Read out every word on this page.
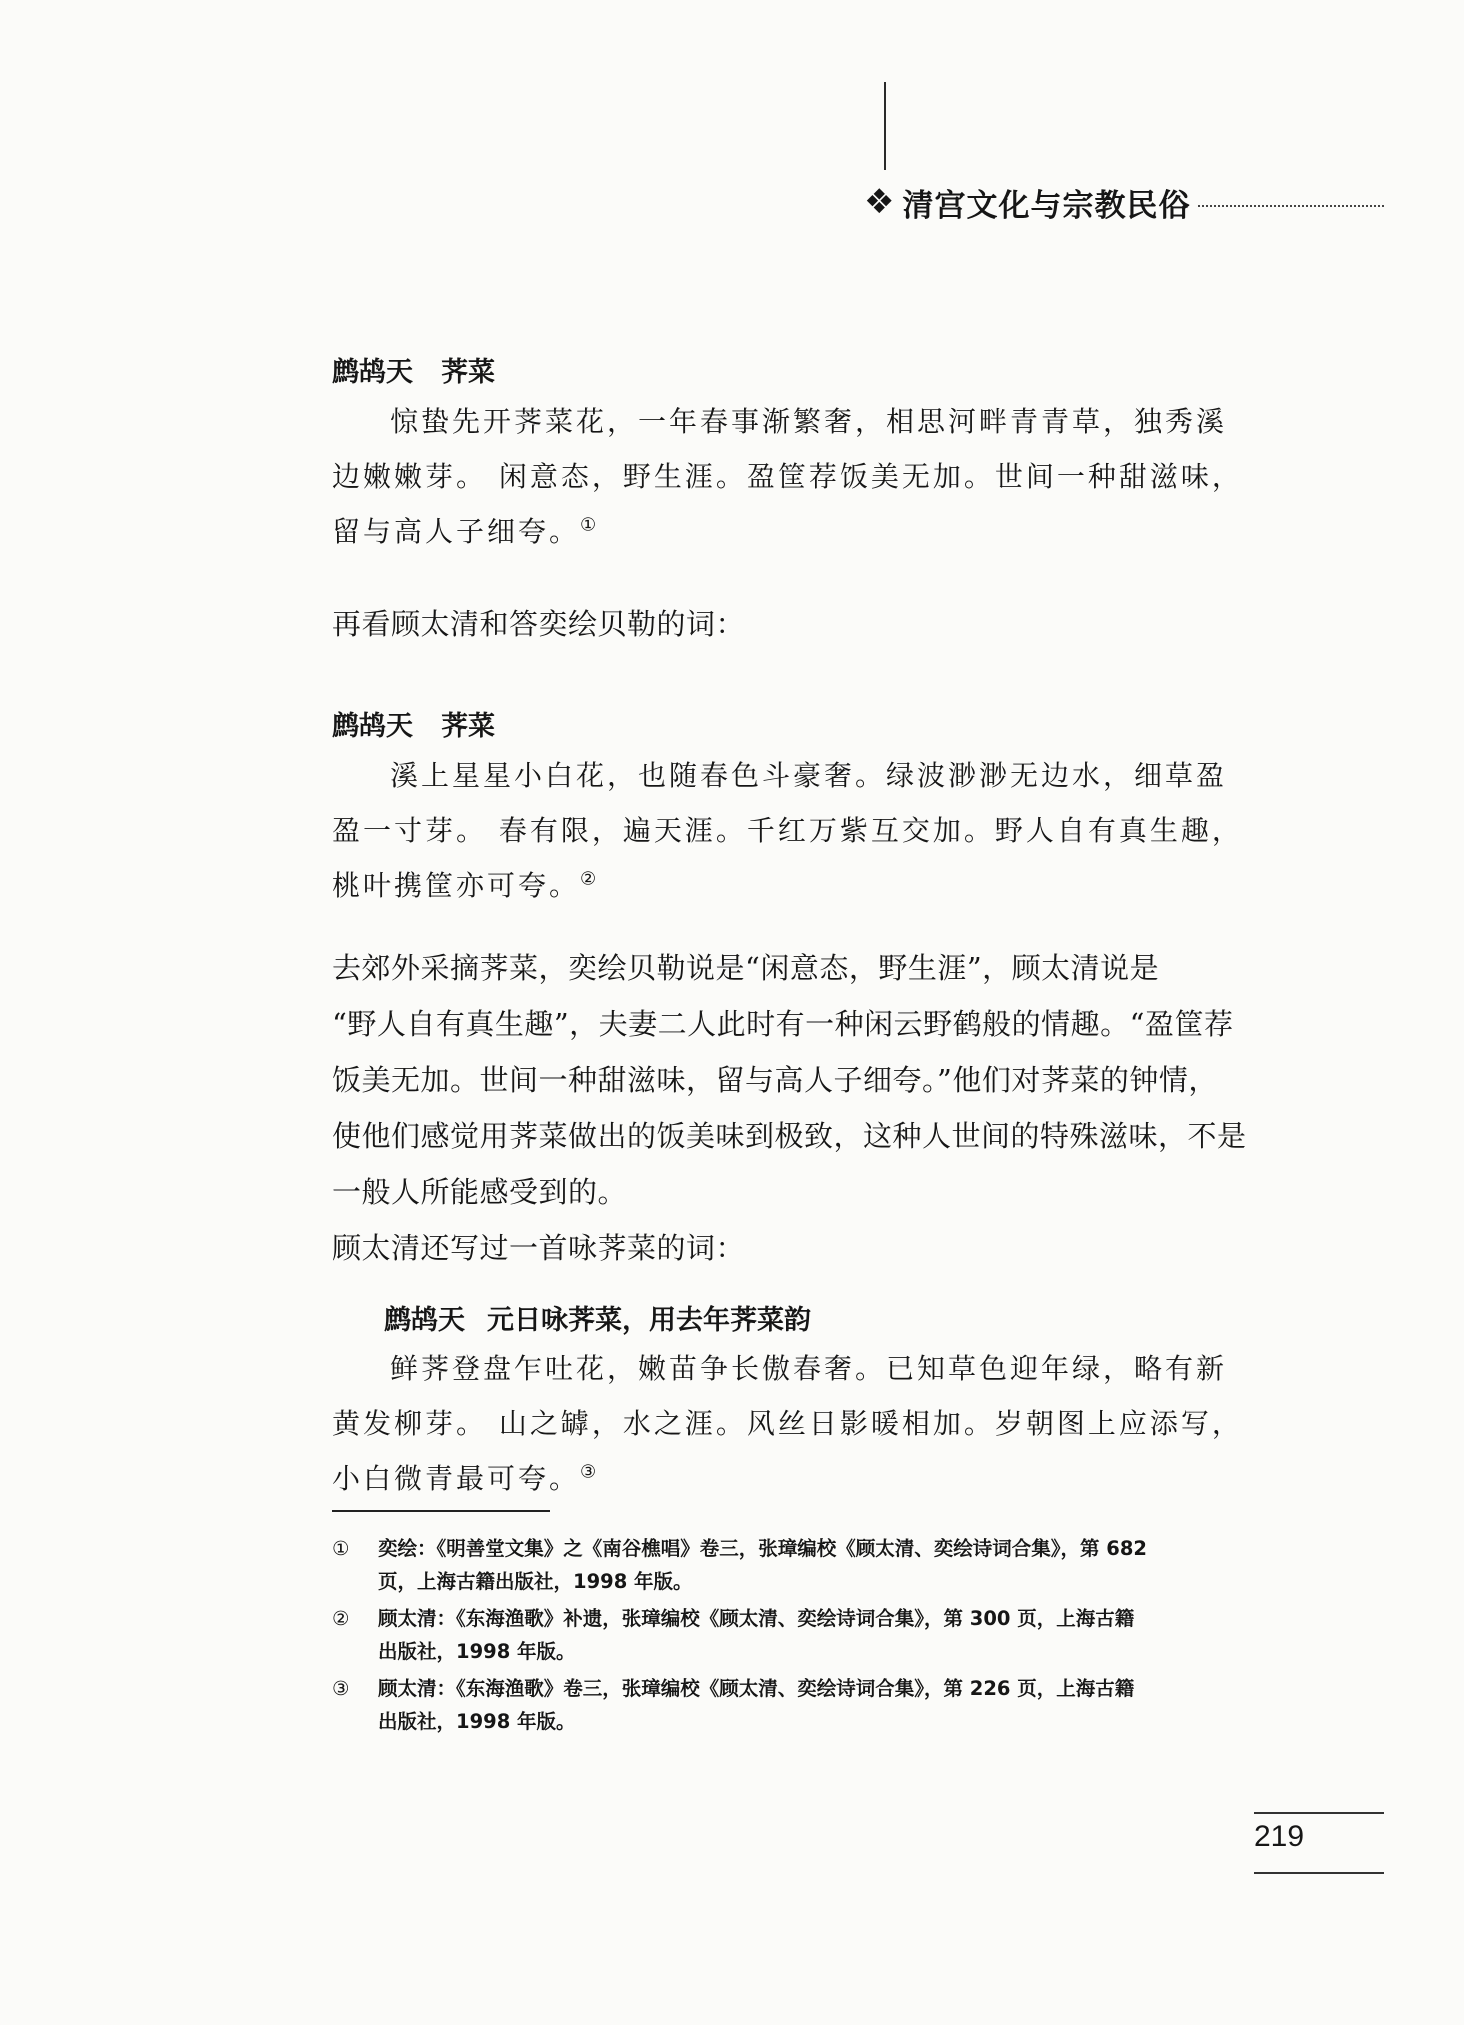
❖ 清宫文化与宗教民俗
鹧鸪天 荠菜
惊蛰先开荠菜花，一年春事渐繁奢，相思河畔青青草，独秀溪
边嫩嫩芽。 闲意态，野生涯。盈筐荐饭美无加。世间一种甜滋味，
留与高人子细夸。①
再看顾太清和答奕绘贝勒的词：
鹧鸪天 荠菜
溪上星星小白花，也随春色斗豪奢。绿波渺渺无边水，细草盈
盈一寸芽。 春有限，遍天涯。千红万紫互交加。野人自有真生趣，
桃叶携筐亦可夸。②
去郊外采摘荠菜，奕绘贝勒说是“闲意态，野生涯”，顾太清说是
“野人自有真生趣”，夫妻二人此时有一种闲云野鹤般的情趣。“盈筐荐
饭美无加。世间一种甜滋味，留与高人子细夸。”他们对荠菜的钟情，
使他们感觉用荠菜做出的饭美味到极致，这种人世间的特殊滋味，不是
一般人所能感受到的。
顾太清还写过一首咏荠菜的词：
鹧鸪天 元日咏荠菜，用去年荠菜韵
鲜荠登盘乍吐花，嫩苗争长傲春奢。已知草色迎年绿，略有新
黄发柳芽。 山之罅，水之涯。风丝日影暖相加。岁朝图上应添写，
小白微青最可夸。③
①	奕绘：《明善堂文集》之《南谷樵唱》卷三，张璋编校《顾太清、奕绘诗词合集》，第 682
页，上海古籍出版社，1998 年版。
②	顾太清：《东海渔歌》补遗，张璋编校《顾太清、奕绘诗词合集》，第 300 页，上海古籍
出版社，1998 年版。
③	顾太清：《东海渔歌》卷三，张璋编校《顾太清、奕绘诗词合集》，第 226 页，上海古籍
出版社，1998 年版。
219
